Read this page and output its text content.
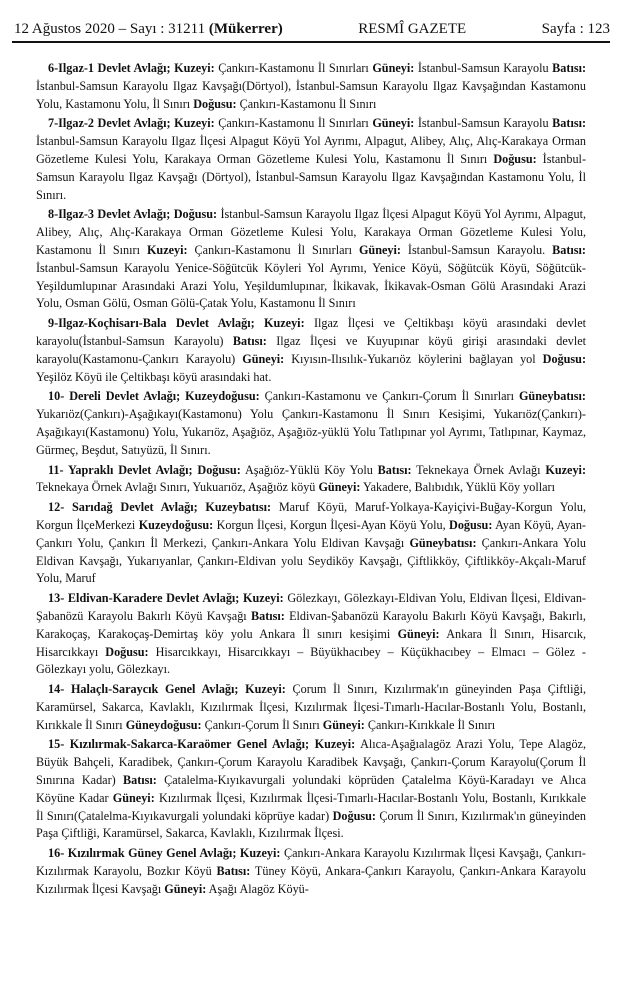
12 Ağustos 2020 – Sayı : 31211 (Mükerrer)	RESMÎ GAZETE	Sayfa : 123

6-Ilgaz-1 Devlet Avlağı; Kuzeyi: Çankırı-Kastamonu İl Sınırları Güneyi: İstanbul-Samsun Karayolu Batısı: İstanbul-Samsun Karayolu Ilgaz Kavşağı(Dörtyol), İstanbul-Samsun Karayolu Ilgaz Kavşağından Kastamonu Yolu, Kastamonu Yolu, İl Sınırı Doğusu: Çankırı-Kastamonu İl Sınırı

7-Ilgaz-2 Devlet Avlağı; Kuzeyi: Çankırı-Kastamonu İl Sınırları Güneyi: İstanbul-Samsun Karayolu Batısı: İstanbul-Samsun Karayolu Ilgaz İlçesi Alpagut Köyü Yol Ayrımı, Alpagut, Alibey, Alıç, Alıç-Karakaya Orman Gözetleme Kulesi Yolu, Karakaya Orman Gözetleme Kulesi Yolu, Kastamonu İl Sınırı Doğusu: İstanbul-Samsun Karayolu Ilgaz Kavşağı (Dörtyol), İstanbul-Samsun Karayolu Ilgaz Kavşağından Kastamonu Yolu, İl Sınırı.

8-Ilgaz-3 Devlet Avlağı; Doğusu: İstanbul-Samsun Karayolu Ilgaz İlçesi Alpagut Köyü Yol Ayrımı, Alpagut, Alibey, Alıç, Alıç-Karakaya Orman Gözetleme Kulesi Yolu, Karakaya Orman Gözetleme Kulesi Yolu, Kastamonu İl Sınırı Kuzeyi: Çankırı-Kastamonu İl Sınırları Güneyi: İstanbul-Samsun Karayolu. Batısı: İstanbul-Samsun Karayolu Yenice-Söğütcük Köyleri Yol Ayrımı, Yenice Köyü, Söğütcük Köyü, Söğütcük-Yeşildumlupınar Arasındaki Arazi Yolu, Yeşildumlupınar, İkikavak, İkikavak-Osman Gölü Arasındaki Arazi Yolu, Osman Gölü, Osman Gölü-Çatak Yolu, Kastamonu İl Sınırı

9-Ilgaz-Koçhisarı-Bala Devlet Avlağı; Kuzeyi: Ilgaz İlçesi ve Çeltikbaşı köyü arasındaki devlet karayolu(İstanbul-Samsun Karayolu) Batısı: Ilgaz İlçesi ve Kuyupınar köyü girişi arasındaki devlet karayolu(Kastamonu-Çankırı Karayolu) Güneyi: Kıyısın-Ilısılık-Yukarıöz köylerini bağlayan yol Doğusu: Yeşilöz Köyü ile Çeltikbaşı köyü arasındaki hat.

10- Dereli Devlet Avlağı; Kuzeydoğusu: Çankırı-Kastamonu ve Çankırı-Çorum İl Sınırları Güneybatısı: Yukarıöz(Çankırı)-Aşağıkayı(Kastamonu) Yolu Çankırı-Kastamonu İl Sınırı Kesişimi, Yukarıöz(Çankırı)-Aşağıkayı(Kastamonu) Yolu, Yukarıöz, Aşağıöz, Aşağıöz-yüklü Yolu Tatlıpınar yol Ayrımı, Tatlıpınar, Kaymaz, Gürmeç, Beşdut, Satıyüzü, İl Sınırı.

11- Yapraklı Devlet Avlağı; Doğusu: Aşağıöz-Yüklü Köy Yolu Batısı: Teknekaya Örnek Avlağı Kuzeyi: Teknekaya Örnek Avlağı Sınırı, Yukuarıöz, Aşağıöz köyü Güneyi: Yakadere, Balıbıdık, Yüklü Köy yolları

12- Sarıdağ Devlet Avlağı; Kuzeybatısı: Maruf Köyü, Maruf-Yolkaya-Kayiçivi-Buğay-Korgun Yolu, Korgun İlçeMerkezi Kuzeydoğusu: Korgun İlçesi, Korgun İlçesi-Ayan Köyü Yolu, Doğusu: Ayan Köyü, Ayan-Çankırı Yolu, Çankırı İl Merkezi, Çankırı-Ankara Yolu Eldivan Kavşağı Güneybatısı: Çankırı-Ankara Yolu Eldivan Kavşağı, Yukarıyanlar, Çankırı-Eldivan yolu Seydiköy Kavşağı, Çiftlikköy, Çiftlikköy-Akçalı-Maruf Yolu, Maruf

13- Eldivan-Karadere Devlet Avlağı; Kuzeyi: Gölezkayı, Gölezkayı-Eldivan Yolu, Eldivan İlçesi, Eldivan-Şabanözü Karayolu Bakırlı Köyü Kavşağı Batısı: Eldivan-Şabanözü Karayolu Bakırlı Köyü Kavşağı, Bakırlı, Karakoçaş, Karakoçaş-Demirtaş köy yolu Ankara İl sınırı kesişimi Güneyi: Ankara İl Sınırı, Hisarcık, Hisarcıkkayı Doğusu: Hisarcıkkayı, Hisarcıkkayı – Büyükhacıbey – Küçükhacıbey – Elmacı – Gölez - Gölezkayı yolu, Gölezkayı.

14- Halaçlı-Saraycık Genel Avlağı; Kuzeyi: Çorum İl Sınırı, Kızılırmak'ın güneyinden Paşa Çiftliği, Karamürsel, Sakarca, Kavlaklı, Kızılırmak İlçesi, Kızılırmak İlçesi-Tımarlı-Hacılar-Bostanlı Yolu, Bostanlı, Kırıkkale İl Sınırı Güneydoğusu: Çankırı-Çorum İl Sınırı Güneyi: Çankırı-Kırıkkale İl Sınırı

15- Kızılırmak-Sakarca-Karaömer Genel Avlağı; Kuzeyi: Alıca-Aşağıalagöz Arazi Yolu, Tepe Alagöz, Büyük Bahçeli, Karadibek, Çankırı-Çorum Karayolu Karadibek Kavşağı, Çankırı-Çorum Karayolu(Çorum İl Sınırına Kadar) Batısı: Çatalelma-Kıyıkavurgali yolundaki köprüden Çatalelma Köyü-Karadayı ve Alıca Köyüne Kadar Güneyi: Kızılırmak İlçesi, Kızılırmak İlçesi-Tımarlı-Hacılar-Bostanlı Yolu, Bostanlı, Kırıkkale İl Sınırı(Çatalelma-Kıyıkavurgali yolundaki köprüye kadar) Doğusu: Çorum İl Sınırı, Kızılırmak'ın güneyinden Paşa Çiftliği, Karamürsel, Sakarca, Kavlaklı, Kızılırmak İlçesi.

16- Kızılırmak Güney Genel Avlağı; Kuzeyi: Çankırı-Ankara Karayolu Kızılırmak İlçesi Kavşağı, Çankırı-Kızılırmak Karayolu, Bozkır Köyü Batısı: Tüney Köyü, Ankara-Çankırı Karayolu, Çankırı-Ankara Karayolu Kızılırmak İlçesi Kavşağı Güneyi: Aşağı Alagöz Köyü-
